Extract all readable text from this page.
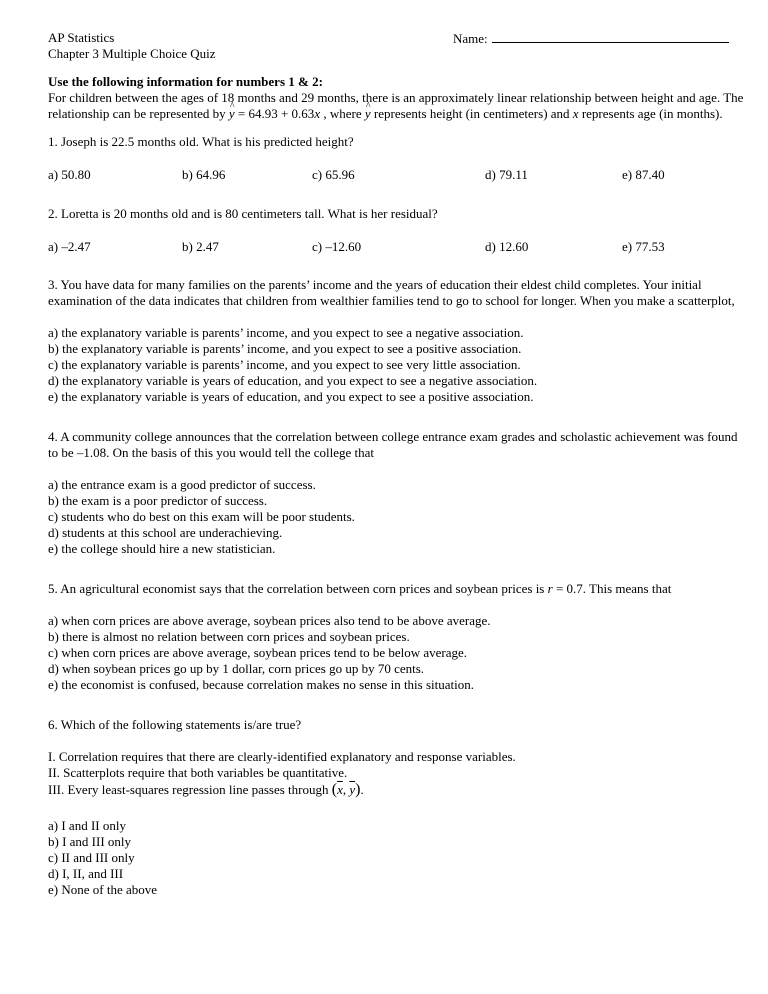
AP Statistics
Chapter 3 Multiple Choice Quiz
Name:
Use the following information for numbers 1 & 2:
For children between the ages of 18 months and 29 months, there is an approximately linear relationship between height and age. The
relationship can be represented by ^ y = 64.93 + 0.63x , where ^ y represents height (in centimeters) and x represents age (in months).
1. Joseph is 22.5 months old. What is his predicted height?
a) 50.80	b) 64.96	c) 65.96	d) 79.11	e) 87.40
2. Loretta is 20 months old and is 80 centimeters tall. What is her residual?
a) –2.47	b) 2.47	c) –12.60	d) 12.60	e) 77.53
3. You have data for many families on the parents’ income and the years of education their eldest child completes. Your initial
examination of the data indicates that children from wealthier families tend to go to school for longer. When you make a scatterplot,
a) the explanatory variable is parents’ income, and you expect to see a negative association.
b) the explanatory variable is parents’ income, and you expect to see a positive association.
c) the explanatory variable is parents’ income, and you expect to see very little association.
d) the explanatory variable is years of education, and you expect to see a negative association.
e) the explanatory variable is years of education, and you expect to see a positive association.
4. A community college announces that the correlation between college entrance exam grades and scholastic achievement was found
to be –1.08. On the basis of this you would tell the college that
a) the entrance exam is a good predictor of success.
b) the exam is a poor predictor of success.
c) students who do best on this exam will be poor students.
d) students at this school are underachieving.
e) the college should hire a new statistician.
5. An agricultural economist says that the correlation between corn prices and soybean prices is r = 0.7. This means that
a) when corn prices are above average, soybean prices also tend to be above average.
b) there is almost no relation between corn prices and soybean prices.
c) when corn prices are above average, soybean prices tend to be below average.
d) when soybean prices go up by 1 dollar, corn prices go up by 70 cents.
e) the economist is confused, because correlation makes no sense in this situation.
6. Which of the following statements is/are true?
I. Correlation requires that there are clearly-identified explanatory and response variables.
II. Scatterplots require that both variables be quantitative.
III. Every least-squares regression line passes through ($\overline{x}$, $\overline{y}$).
a) I and II only
b) I and III only
c) II and III only
d) I, II, and III
e) None of the above
